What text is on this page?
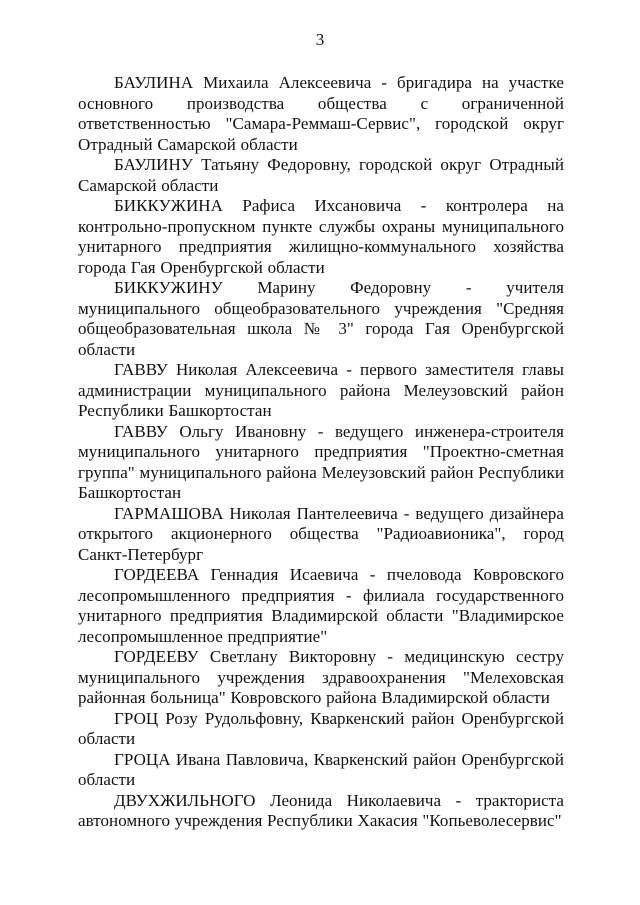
3

БАУЛИНА Михаила Алексеевича - бригадира на участке основного производства общества с ограниченной ответственностью "Самара-Реммаш-Сервис", городской округ Отрадный Самарской области

БАУЛИНУ Татьяну Федоровну, городской округ Отрадный Самарской области

БИККУЖИНА Рафиса Ихсановича - контролера на контрольно-пропускном пункте службы охраны муниципального унитарного предприятия жилищно-коммунального хозяйства города Гая Оренбургской области

БИККУЖИНУ Марину Федоровну - учителя муниципального общеобразовательного учреждения "Средняя общеобразовательная школа № 3" города Гая Оренбургской области

ГАВВУ Николая Алексеевича - первого заместителя главы администрации муниципального района Мелеузовский район Республики Башкортостан

ГАВВУ Ольгу Ивановну - ведущего инженера-строителя муниципального унитарного предприятия "Проектно-сметная группа" муниципального района Мелеузовский район Республики Башкортостан

ГАРМАШОВА Николая Пантелеевича - ведущего дизайнера открытого акционерного общества "Радиоавионика", город Санкт-Петербург

ГОРДЕЕВА Геннадия Исаевича - пчеловода Ковровского лесопромышленного предприятия - филиала государственного унитарного предприятия Владимирской области "Владимирское лесопромышленное предприятие"

ГОРДЕЕВУ Светлану Викторовну - медицинскую сестру муниципального учреждения здравоохранения "Мелеховская районная больница" Ковровского района Владимирской области

ГРОЦ Розу Рудольфовну, Кваркенский район Оренбургской области

ГРОЦА Ивана Павловича, Кваркенский район Оренбургской области

ДВУХЖИЛЬНОГО Леонида Николаевича - тракториста автономного учреждения Республики Хакасия "Копьеволесервис"
